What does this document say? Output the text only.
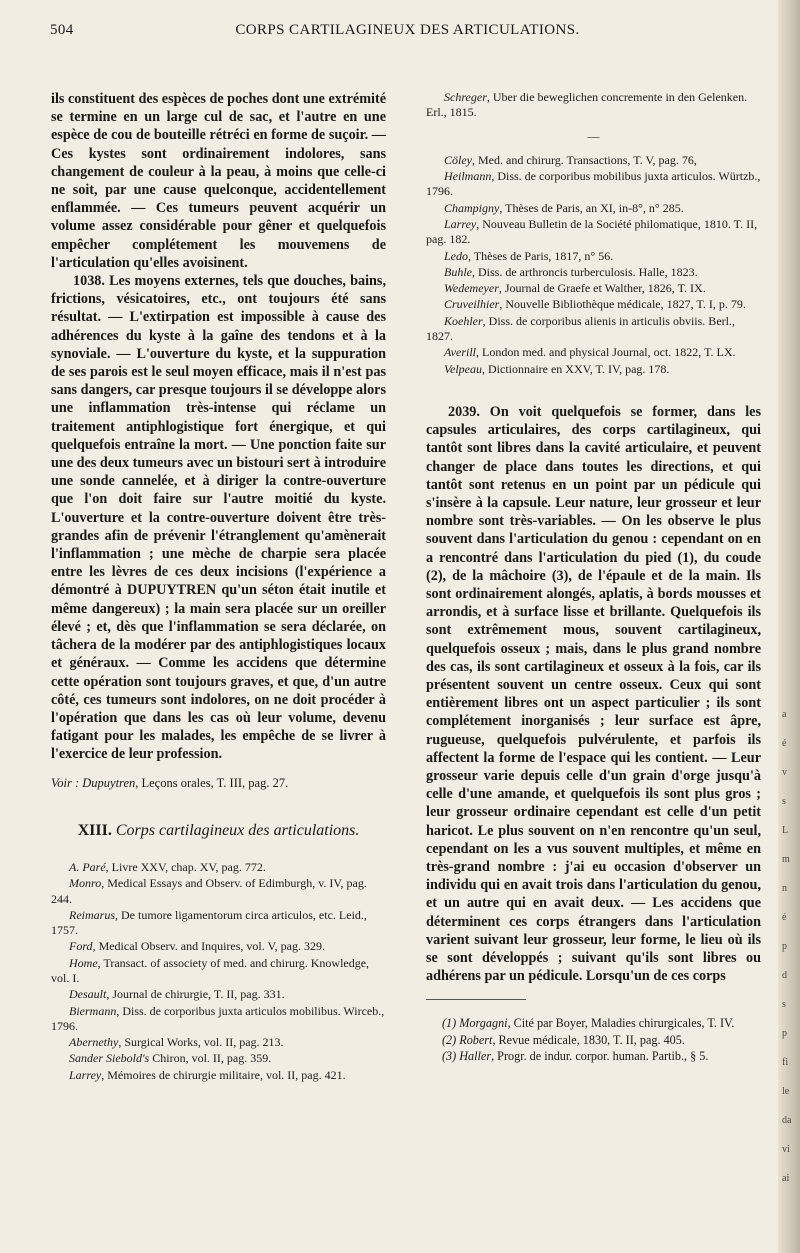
a
é
v
s
L
m
n
é
p
d
s
p
fi
le
da
vi
ai
504	CORPS CARTILAGINEUX DES ARTICULATIONS.

ils constituent des espèces de poches dont une extrémité se termine en un large cul de sac, et l'autre en une espèce de cou de bouteille rétréci en forme de suçoir. — Ces kystes sont ordinairement indolores, sans changement de couleur à la peau, à moins que celle-ci ne soit, par une cause quelconque, accidentellement enflammée. — Ces tumeurs peuvent acquérir un volume assez considérable pour gêner et quelquefois empêcher complétement les mouvemens de l'articulation qu'elles avoisinent.

1038. Les moyens externes, tels que douches, bains, frictions, vésicatoires, etc., ont toujours été sans résultat. — L'extirpation est impossible à cause des adhérences du kyste à la gaîne des tendons et à la synoviale. — L'ouverture du kyste, et la suppuration de ses parois est le seul moyen efficace, mais il n'est pas sans dangers, car presque toujours il se développe alors une inflammation très-intense qui réclame un traitement antiphlogistique fort énergique, et qui quelquefois entraîne la mort. — Une ponction faite sur une des deux tumeurs avec un bistouri sert à introduire une sonde cannelée, et à diriger la contre-ouverture que l'on doit faire sur l'autre moitié du kyste. L'ouverture et la contre-ouverture doivent être très-grandes afin de prévenir l'étranglement qu'amènerait l'inflammation ; une mèche de charpie sera placée entre les lèvres de ces deux incisions (l'expérience a démontré à DUPUYTREN qu'un séton était inutile et même dangereux) ; la main sera placée sur un oreiller élevé ; et, dès que l'inflammation se sera déclarée, on tâchera de la modérer par des antiphlogistiques locaux et généraux. — Comme les accidens que détermine cette opération sont toujours graves, et que, d'un autre côté, ces tumeurs sont indolores, on ne doit procéder à l'opération que dans les cas où leur volume, devenu fatigant pour les malades, les empêche de se livrer à l'exercice de leur profession.

Voir : Dupuytren, Leçons orales, T. III, pag. 27.

XIII. Corps cartilagineux des articulations.

A. Paré, Livre XXV, chap. XV, pag. 772.

Monro, Medical Essays and Observ. of Edimburgh, v. IV, pag. 244.

Reimarus, De tumore ligamentorum circa articulos, etc. Leid., 1757.

Ford, Medical Observ. and Inquires, vol. V, pag. 329.

Home, Transact. of associety of med. and chirurg. Knowledge, vol. I.

Desault, Journal de chirurgie, T. II, pag. 331.

Biermann, Diss. de corporibus juxta articulos mobilibus. Wirceb., 1796.

Abernethy, Surgical Works, vol. II, pag. 213.

Sander Siebold's Chiron, vol. II, pag. 359.

Larrey, Mémoires de chirurgie militaire, vol. II, pag. 421.

Schreger, Uber die beweglichen concremente in den Gelenken. Erl., 1815.

—

Cöley, Med. and chirurg. Transactions, T. V, pag. 76,

Heilmann, Diss. de corporibus mobilibus juxta articulos. Würtzb., 1796.

Champigny, Thèses de Paris, an XI, in-8°, n° 285.

Larrey, Nouveau Bulletin de la Société philomatique, 1810. T. II, pag. 182.

Ledo, Thèses de Paris, 1817, n° 56.

Buhle, Diss. de arthroncis turberculosis. Halle, 1823.

Wedemeyer, Journal de Graefe et Walther, 1826, T. IX.

Cruveilhier, Nouvelle Bibliothèque médicale, 1827, T. I, p. 79.

Koehler, Diss. de corporibus alienis in articulis obviis. Berl., 1827.

Averill, London med. and physical Journal, oct. 1822, T. LX.

Velpeau, Dictionnaire en XXV, T. IV, pag. 178.

2039. On voit quelquefois se former, dans les capsules articulaires, des corps cartilagineux, qui tantôt sont libres dans la cavité articulaire, et peuvent changer de place dans toutes les directions, et qui tantôt sont retenus en un point par un pédicule qui s'insère à la capsule. Leur nature, leur grosseur et leur nombre sont très-variables. — On les observe le plus souvent dans l'articulation du genou : cependant on en a rencontré dans l'articulation du pied (1), du coude (2), de la mâchoire (3), de l'épaule et de la main. Ils sont ordinairement alongés, aplatis, à bords mousses et arrondis, et à surface lisse et brillante. Quelquefois ils sont extrêmement mous, souvent cartilagineux, quelquefois osseux ; mais, dans le plus grand nombre des cas, ils sont cartilagineux et osseux à la fois, car ils présentent souvent un centre osseux. Ceux qui sont entièrement libres ont un aspect particulier ; ils sont complétement inorganisés ; leur surface est âpre, rugueuse, quelquefois pulvérulente, et parfois ils affectent la forme de l'espace qui les contient. — Leur grosseur varie depuis celle d'un grain d'orge jusqu'à celle d'une amande, et quelquefois ils sont plus gros ; leur grosseur ordinaire cependant est celle d'un petit haricot. Le plus souvent on n'en rencontre qu'un seul, cependant on les a vus souvent multiples, et même en très-grand nombre : j'ai eu occasion d'observer un individu qui en avait trois dans l'articulation du genou, et un autre qui en avait deux. — Les accidens que déterminent ces corps étrangers dans l'articulation varient suivant leur grosseur, leur forme, le lieu où ils se sont développés ; suivant qu'ils sont libres ou adhérens par un pédicule. Lorsqu'un de ces corps

(1) Morgagni, Cité par Boyer, Maladies chirurgicales, T. IV.

(2) Robert, Revue médicale, 1830, T. II, pag. 405.

(3) Haller, Progr. de indur. corpor. human. Partib., § 5.
